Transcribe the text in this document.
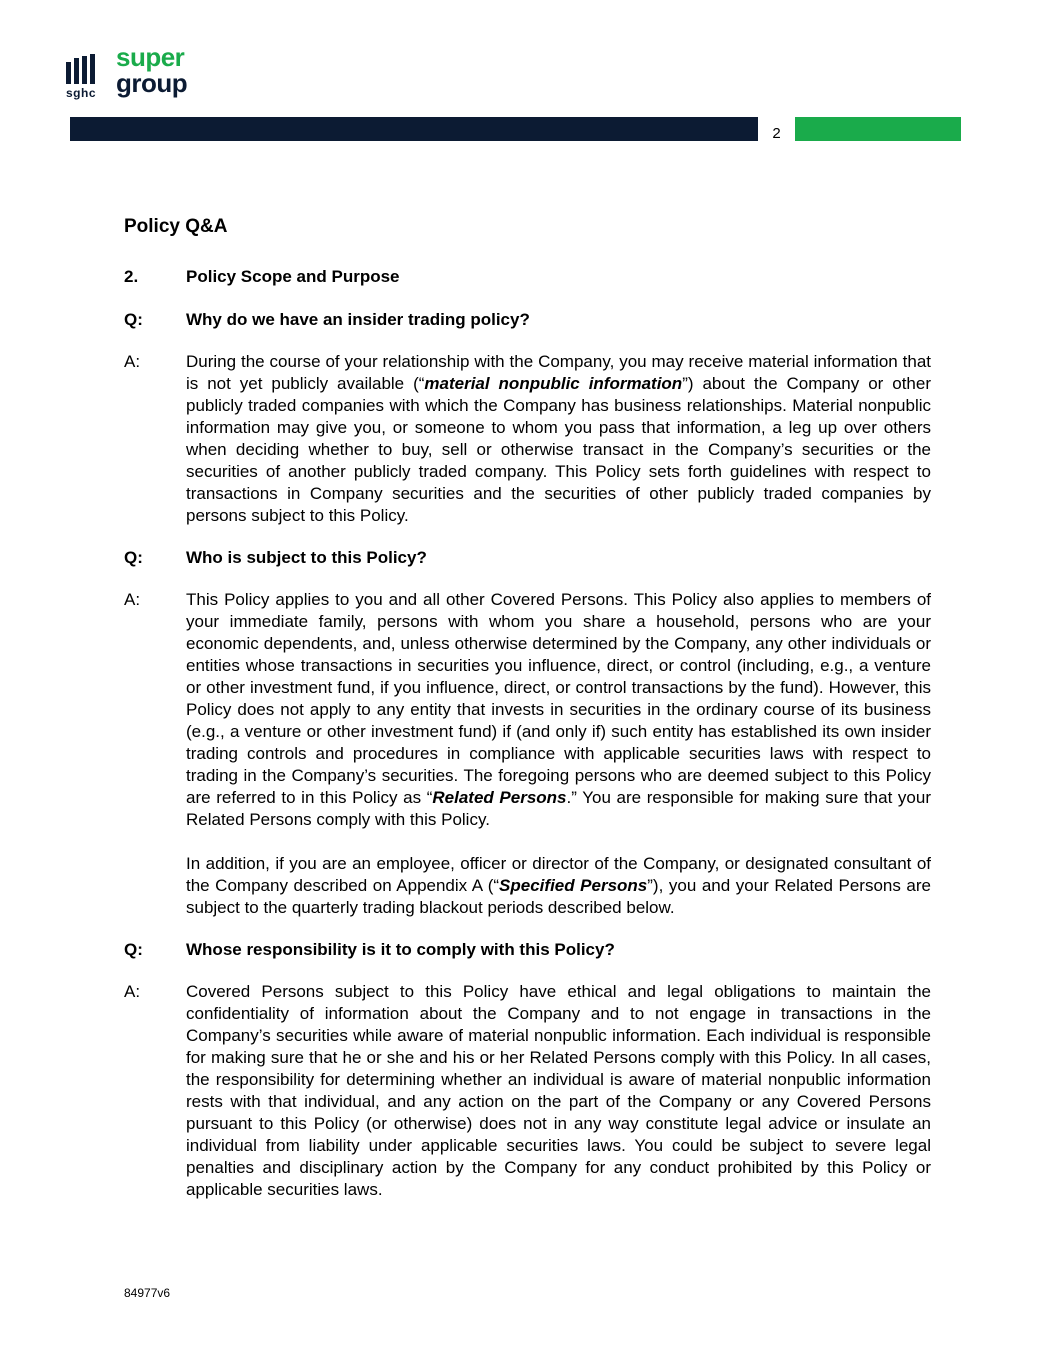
sghc
super
group
2
Policy Q&A
2.	Policy Scope and Purpose
Q:	Why do we have an insider trading policy?
A:	During the course of your relationship with the Company, you may receive material information that is not yet publicly available (“material nonpublic information”) about the Company or other publicly traded companies with which the Company has business relationships. Material nonpublic information may give you, or someone to whom you pass that information, a leg up over others when deciding whether to buy, sell or otherwise transact in the Company’s securities or the securities of another publicly traded company. This Policy sets forth guidelines with respect to transactions in Company securities and the securities of other publicly traded companies by persons subject to this Policy.
Q:	Who is subject to this Policy?
A:	This Policy applies to you and all other Covered Persons. This Policy also applies to members of your immediate family, persons with whom you share a household, persons who are your economic dependents, and, unless otherwise determined by the Company, any other individuals or entities whose transactions in securities you influence, direct, or control (including, e.g., a venture or other investment fund, if you influence, direct, or control transactions by the fund). However, this Policy does not apply to any entity that invests in securities in the ordinary course of its business (e.g., a venture or other investment fund) if (and only if) such entity has established its own insider trading controls and procedures in compliance with applicable securities laws with respect to trading in the Company’s securities. The foregoing persons who are deemed subject to this Policy are referred to in this Policy as “Related Persons.” You are responsible for making sure that your Related Persons comply with this Policy.
In addition, if you are an employee, officer or director of the Company, or designated consultant of the Company described on Appendix A (“Specified Persons”), you and your Related Persons are subject to the quarterly trading blackout periods described below.
Q:	Whose responsibility is it to comply with this Policy?
A:	Covered Persons subject to this Policy have ethical and legal obligations to maintain the confidentiality of information about the Company and to not engage in transactions in the Company’s securities while aware of material nonpublic information. Each individual is responsible for making sure that he or she and his or her Related Persons comply with this Policy. In all cases, the responsibility for determining whether an individual is aware of material nonpublic information rests with that individual, and any action on the part of the Company or any Covered Persons pursuant to this Policy (or otherwise) does not in any way constitute legal advice or insulate an individual from liability under applicable securities laws. You could be subject to severe legal penalties and disciplinary action by the Company for any conduct prohibited by this Policy or applicable securities laws.
84977v6
